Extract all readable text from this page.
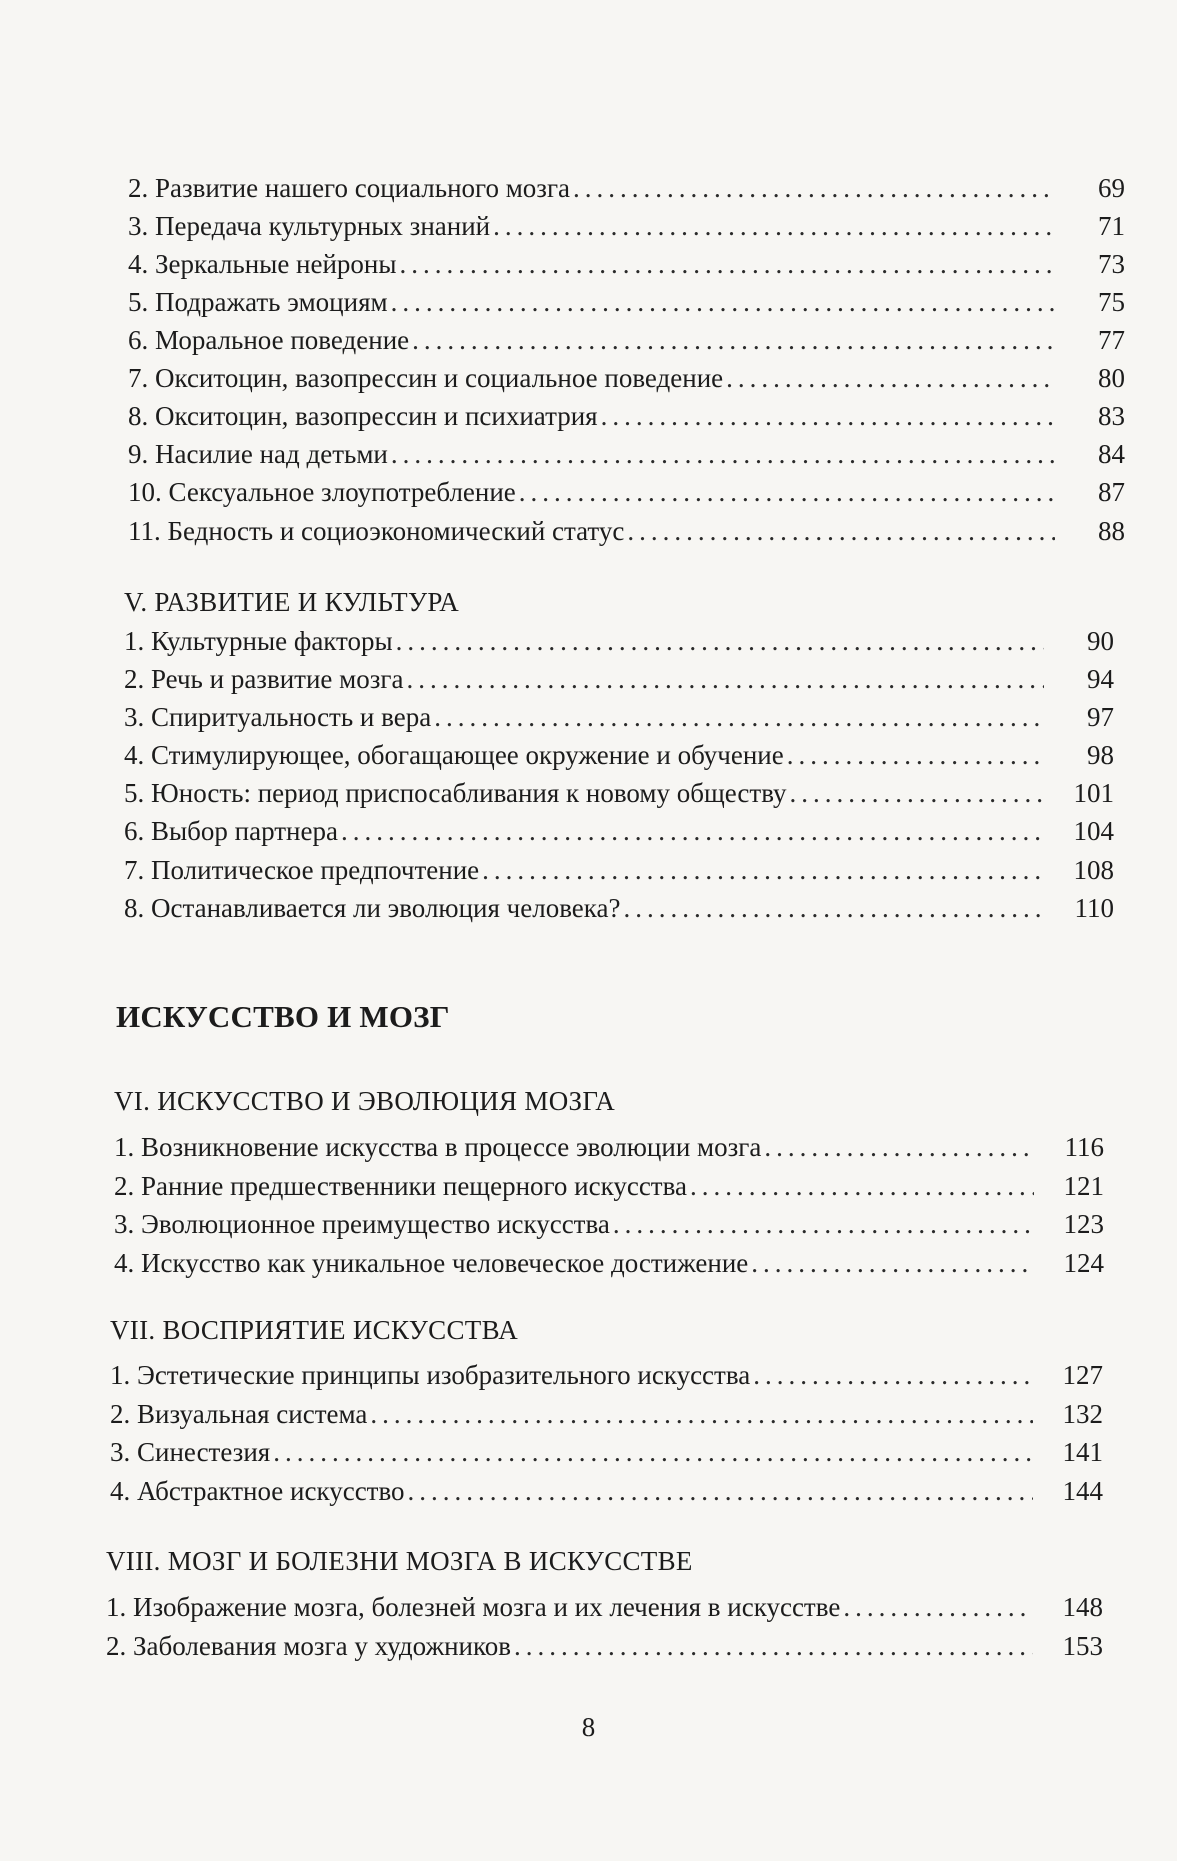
2. Развитие нашего социального мозга .....	69
3. Передача культурных знаний .....	71
4. Зеркальные нейроны .....	73
5. Подражать эмоциям .....	75
6. Моральное поведение .....	77
7. Окситоцин, вазопрессин и социальное поведение .....	80
8. Окситоцин, вазопрессин и психиатрия .....	83
9. Насилие над детьми .....	84
10. Сексуальное злоупотребление .....	87
11. Бедность и социоэкономический статус .....	88
V. РАЗВИТИЕ И КУЛЬТУРА
1. Культурные факторы .....	90
2. Речь и развитие мозга .....	94
3. Спиритуальность и вера .....	97
4. Стимулирующее, обогащающее окружение и обучение .....	98
5. Юность: период приспосабливания к новому обществу .....	101
6. Выбор партнера .....	104
7. Политическое предпочтение .....	108
8. Останавливается ли эволюция человека? .....	110
ИСКУССТВО И МОЗГ
VI. ИСКУССТВО И ЭВОЛЮЦИЯ МОЗГА
1. Возникновение искусства в процессе эволюции мозга .....	116
2. Ранние предшественники пещерного искусства .....	121
3. Эволюционное преимущество искусства .....	123
4. Искусство как уникальное человеческое достижение .....	124
VII. ВОСПРИЯТИЕ ИСКУССТВА
1. Эстетические принципы изобразительного искусства .....	127
2. Визуальная система .....	132
3. Синестезия .....	141
4. Абстрактное искусство .....	144
VIII. МОЗГ И БОЛЕЗНИ МОЗГА В ИСКУССТВЕ
1. Изображение мозга, болезней мозга и их лечения в искусстве .....	148
2. Заболевания мозга у художников .....	153
8
